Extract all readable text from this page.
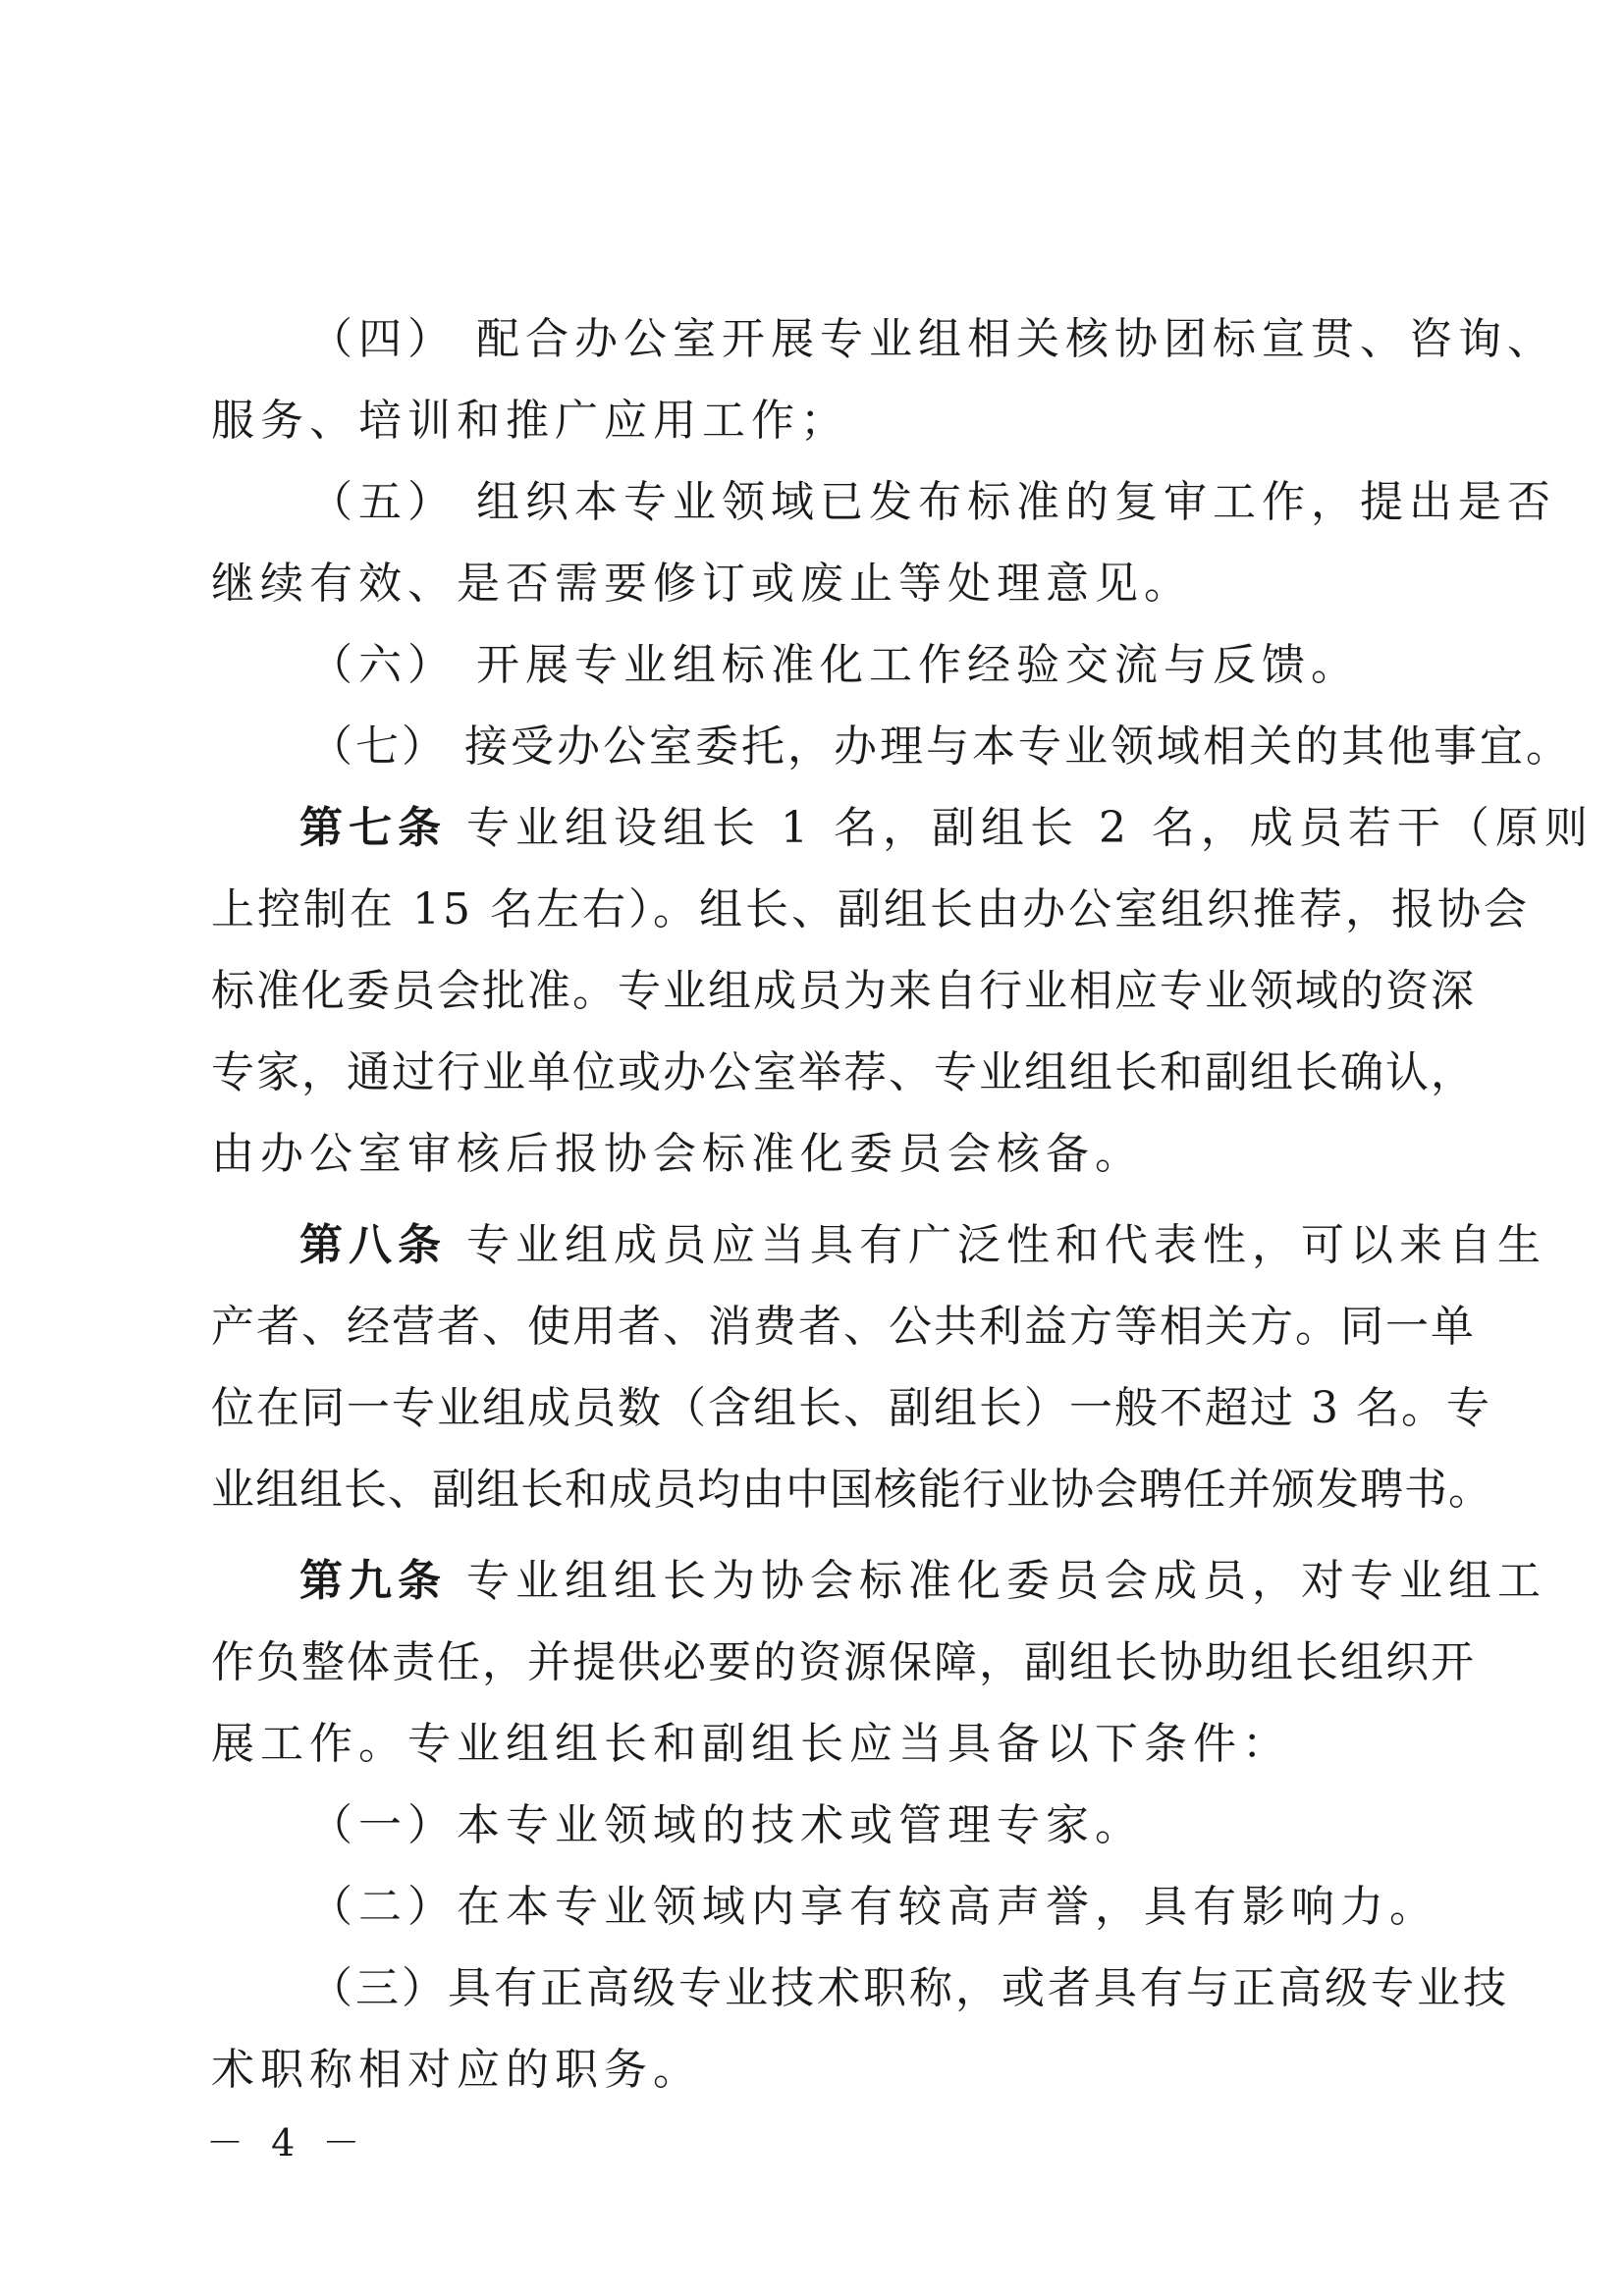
（四） 配合办公室开展专业组相关核协团标宣贯、咨询、
服务、培训和推广应用工作；
（五） 组织本专业领域已发布标准的复审工作，提出是否
继续有效、是否需要修订或废止等处理意见。
（六） 开展专业组标准化工作经验交流与反馈。
（七） 接受办公室委托，办理与本专业领域相关的其他事宜。
第七条 专业组设组长 1 名，副组长 2 名，成员若干（原则
上控制在 15 名左右）。组长、副组长由办公室组织推荐，报协会
标准化委员会批准。专业组成员为来自行业相应专业领域的资深
专家，通过行业单位或办公室举荐、专业组组长和副组长确认，
由办公室审核后报协会标准化委员会核备。
第八条 专业组成员应当具有广泛性和代表性，可以来自生
产者、经营者、使用者、消费者、公共利益方等相关方。同一单
位在同一专业组成员数（含组长、副组长）一般不超过 3 名。专
业组组长、副组长和成员均由中国核能行业协会聘任并颁发聘书。
第九条 专业组组长为协会标准化委员会成员，对专业组工
作负整体责任，并提供必要的资源保障，副组长协助组长组织开
展工作。专业组组长和副组长应当具备以下条件：
（一）本专业领域的技术或管理专家。
（二）在本专业领域内享有较高声誉，具有影响力。
（三）具有正高级专业技术职称，或者具有与正高级专业技
术职称相对应的职务。
－ 4 －
